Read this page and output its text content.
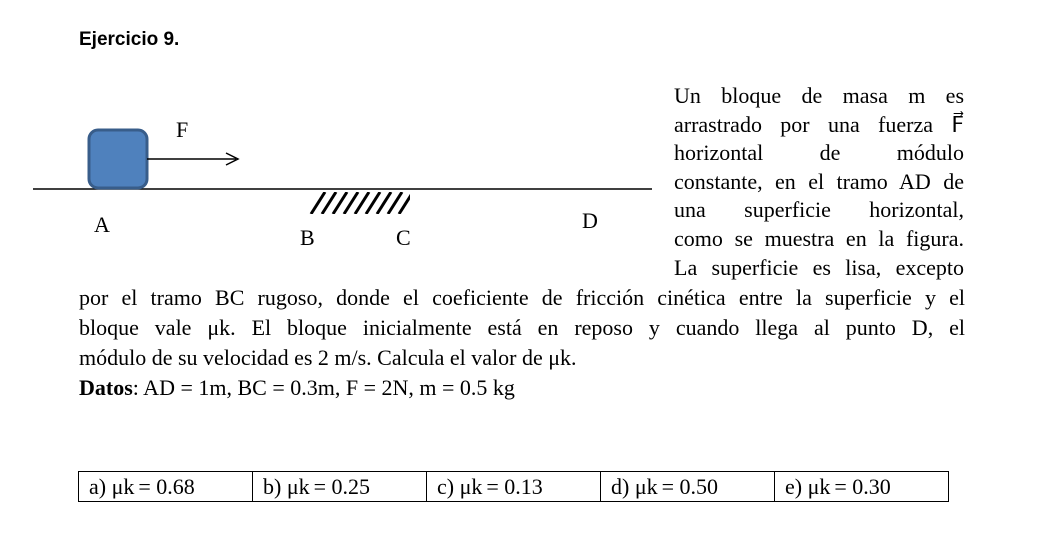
Ejercicio 9.
F
A
B	C
D
Un bloque de masa m es
arrastrado por una fuerza F⃗
horizontal de módulo
constante, en el tramo AD de
una superficie horizontal,
como se muestra en la figura.
La superficie es lisa, excepto
por el tramo BC rugoso, donde el coeficiente de fricción cinética entre la superficie y el
bloque vale μk. El bloque inicialmente está en reposo y cuando llega al punto D, el
módulo de su velocidad es 2 m/s. Calcula el valor de μk.
Datos: AD = 1m, BC = 0.3m, F = 2N, m = 0.5 kg
a) μk = 0.68	b) μk = 0.25	c) μk = 0.13	d) μk = 0.50	e) μk = 0.30
